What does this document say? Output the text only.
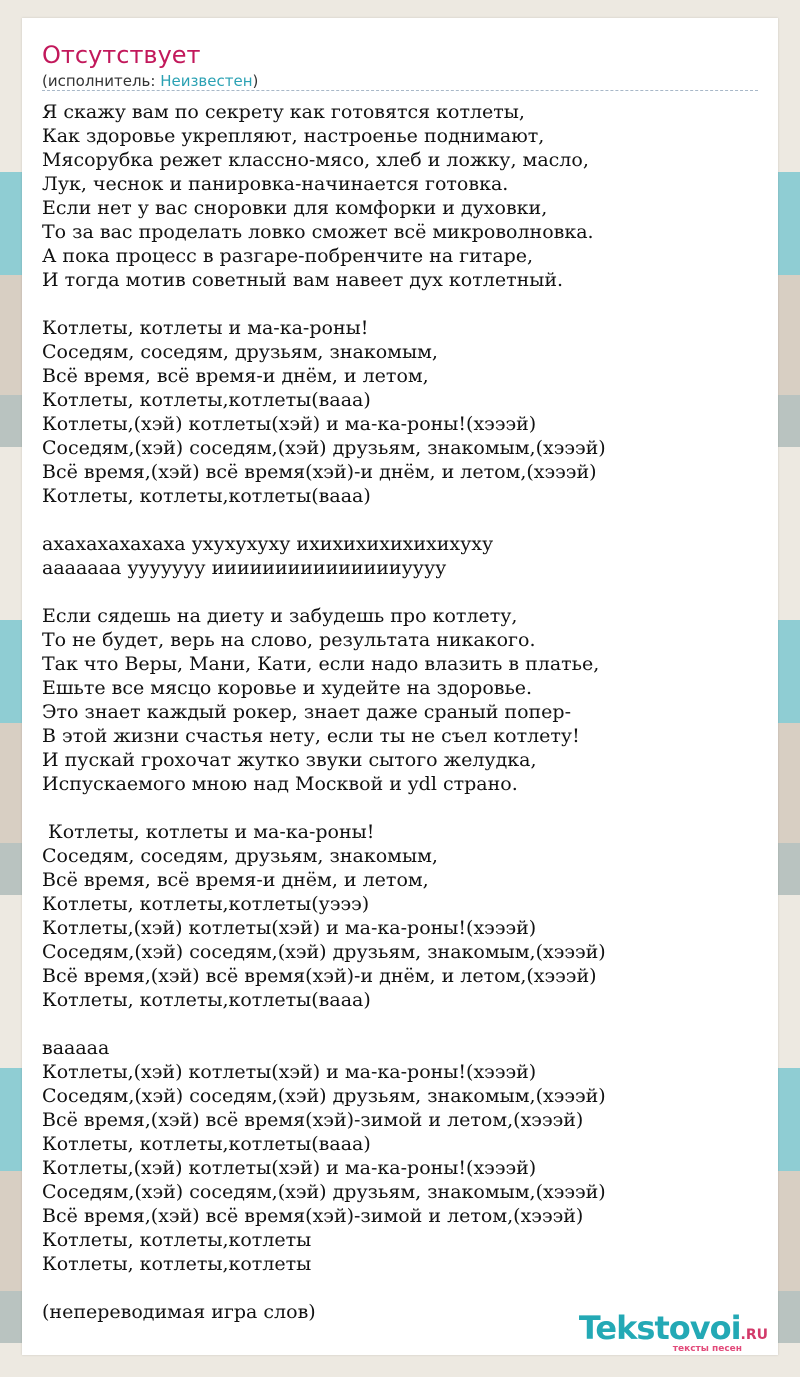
Отсутствует
(исполнитель: Неизвестен)
Я скажу вам по секрету как готовятся котлеты,
Как здоровье укрепляют, настроенье поднимают,
Мясорубка режет классно-мясо, хлеб и ложку, масло,
Лук, чеснок и панировка-начинается готовка.
Если нет у вас сноровки для комфорки и духовки,
То за вас проделать ловко сможет всё микроволновка.
А пока процесс в разгаре-побренчите на гитаре,
И тогда мотив советный вам навеет дух котлетный.
Котлеты, котлеты и ма-ка-роны!
Соседям, соседям, друзьям, знакомым,
Всё время, всё время-и днём, и летом,
Котлеты, котлеты,котлеты(вааа)
Котлеты,(хэй) котлеты(хэй) и ма-ка-роны!(хэээй)
Соседям,(хэй) соседям,(хэй) друзьям, знакомым,(хэээй)
Всё время,(хэй) всё время(хэй)-и днём, и летом,(хэээй)
Котлеты, котлеты,котлеты(вааа)
ахахахахахаха ухухухуху ихихихихихихихуху
ааааааа ууууууу иииииииииииииииуууу
Если сядешь на диету и забудешь про котлету,
То не будет, верь на слово, результата никакого.
Так что Веры, Мани, Кати, если надо влазить в платье,
Ешьте все мясцо коровье и худейте на здоровье.
Это знает каждый рокер, знает даже сраный попер-
В этой жизни счастья нету, если ты не съел котлету!
И пускай грохочат жутко звуки сытого желудка,
Испускаемого мною над Москвой и ydl страно.
Котлеты, котлеты и ма-ка-роны!
Соседям, соседям, друзьям, знакомым,
Всё время, всё время-и днём, и летом,
Котлеты, котлеты,котлеты(уэээ)
Котлеты,(хэй) котлеты(хэй) и ма-ка-роны!(хэээй)
Соседям,(хэй) соседям,(хэй) друзьям, знакомым,(хэээй)
Всё время,(хэй) всё время(хэй)-и днём, и летом,(хэээй)
Котлеты, котлеты,котлеты(вааа)
вааааа
Котлеты,(хэй) котлеты(хэй) и ма-ка-роны!(хэээй)
Соседям,(хэй) соседям,(хэй) друзьям, знакомым,(хэээй)
Всё время,(хэй) всё время(хэй)-зимой и летом,(хэээй)
Котлеты, котлеты,котлеты(вааа)
Котлеты,(хэй) котлеты(хэй) и ма-ка-роны!(хэээй)
Соседям,(хэй) соседям,(хэй) друзьям, знакомым,(хэээй)
Всё время,(хэй) всё время(хэй)-зимой и летом,(хэээй)
Котлеты, котлеты,котлеты
Котлеты, котлеты,котлеты
(непереводимая игра слов)	Tekstovoi.RU
тексты песен
